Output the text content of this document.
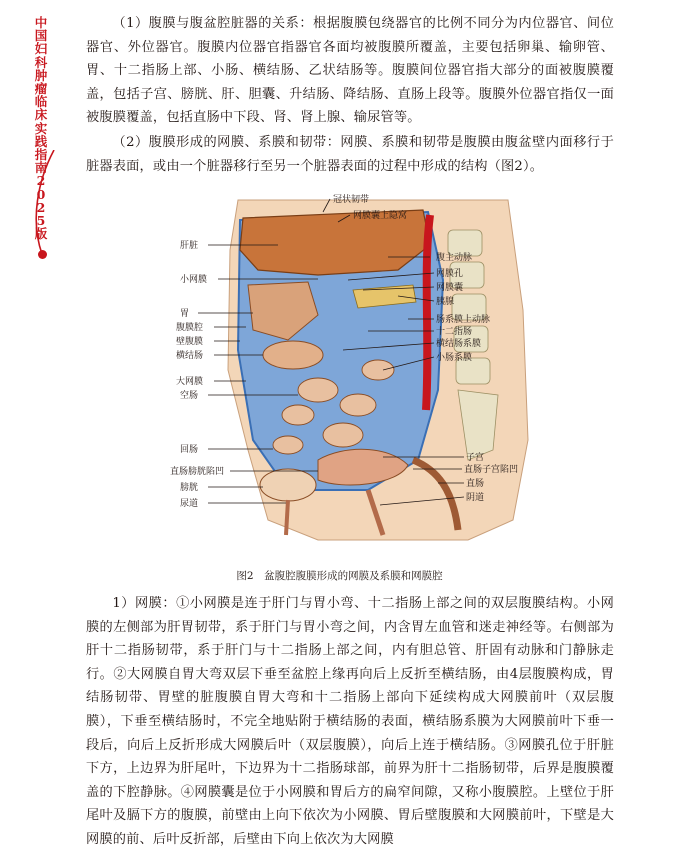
中国妇科肿瘤临床实践指南2025版

（1）腹膜与腹盆腔脏器的关系：根据腹膜包绕器官的比例不同分为内位器官、间位器官、外位器官。腹膜内位器官指器官各面均被腹膜所覆盖，主要包括卵巢、输卵管、胃、十二指肠上部、小肠、横结肠、乙状结肠等。腹膜间位器官指大部分的面被腹膜覆盖，包括子宫、膀胱、肝、胆囊、升结肠、降结肠、直肠上段等。腹膜外位器官指仅一面被腹膜覆盖，包括直肠中下段、肾、肾上腺、输尿管等。

（2）腹膜形成的网膜、系膜和韧带：网膜、系膜和韧带是腹膜由腹盆壁内面移行于脏器表面，或由一个脏器移行至另一个脏器表面的过程中形成的结构（图2）。

冠状韧带
网膜囊上隐窝
肝脏
小网膜
胃
腹膜腔
壁腹膜
横结肠
大网膜
空肠
回肠
直肠膀胱陷凹
膀胱
尿道
腹主动脉
网膜孔
网膜囊
胰腺
肠系膜上动脉
十二指肠
横结肠系膜
小肠系膜
子宫
直肠子宫陷凹
直肠
阴道
图2　盆腹腔腹膜形成的网膜及系膜和网膜腔

1）网膜：①小网膜是连于肝门与胃小弯、十二指肠上部之间的双层腹膜结构。小网膜的左侧部为肝胃韧带，系于肝门与胃小弯之间，内含胃左血管和迷走神经等。右侧部为肝十二指肠韧带，系于肝门与十二指肠上部之间，内有胆总管、肝固有动脉和门静脉走行。②大网膜自胃大弯双层下垂至盆腔上缘再向后上反折至横结肠，由4层腹膜构成，胃结肠韧带、胃壁的脏腹膜自胃大弯和十二指肠上部向下延续构成大网膜前叶（双层腹膜），下垂至横结肠时，不完全地贴附于横结肠的表面，横结肠系膜为大网膜前叶下垂一段后，向后上反折形成大网膜后叶（双层腹膜），向后上连于横结肠。③网膜孔位于肝脏下方，上边界为肝尾叶，下边界为十二指肠球部，前界为肝十二指肠韧带，后界是腹膜覆盖的下腔静脉。④网膜囊是位于小网膜和胃后方的扁窄间隙，又称小腹膜腔。上壁位于肝尾叶及膈下方的腹膜，前壁由上向下依次为小网膜、胃后壁腹膜和大网膜前叶，下壁是大网膜的前、后叶反折部，后壁由下向上依次为大网膜
